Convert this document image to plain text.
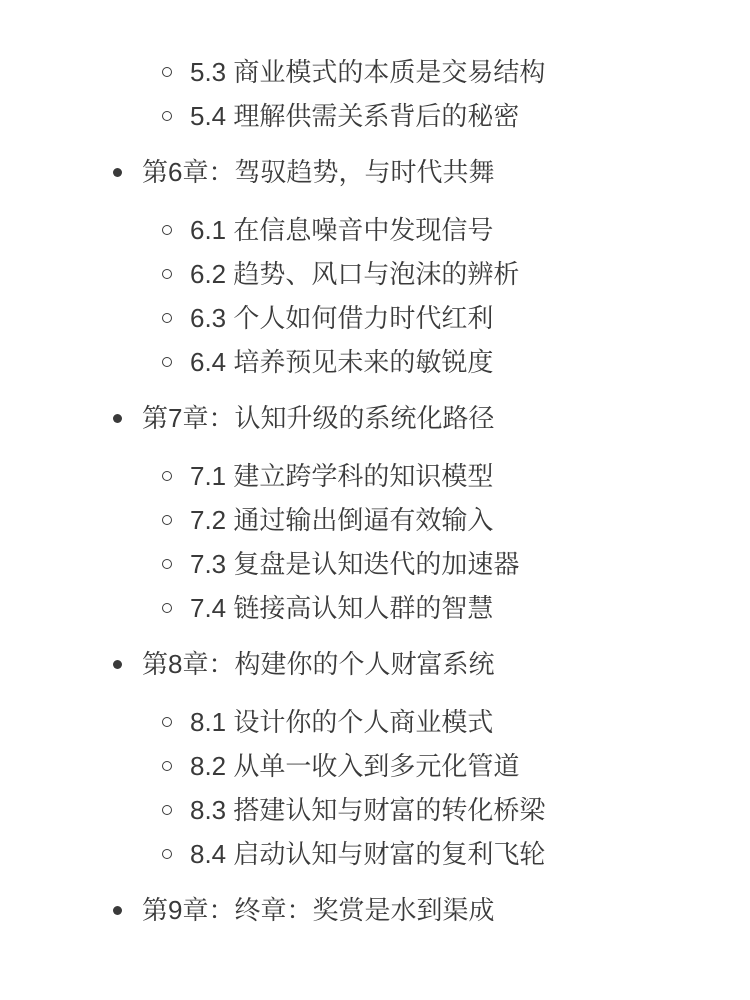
5.3 商业模式的本质是交易结构
5.4 理解供需关系背后的秘密
第6章：驾驭趋势，与时代共舞
6.1 在信息噪音中发现信号
6.2 趋势、风口与泡沫的辨析
6.3 个人如何借力时代红利
6.4 培养预见未来的敏锐度
第7章：认知升级的系统化路径
7.1 建立跨学科的知识模型
7.2 通过输出倒逼有效输入
7.3 复盘是认知迭代的加速器
7.4 链接高认知人群的智慧
第8章：构建你的个人财富系统
8.1 设计你的个人商业模式
8.2 从单一收入到多元化管道
8.3 搭建认知与财富的转化桥梁
8.4 启动认知与财富的复利飞轮
第9章：终章：奖赏是水到渠成
